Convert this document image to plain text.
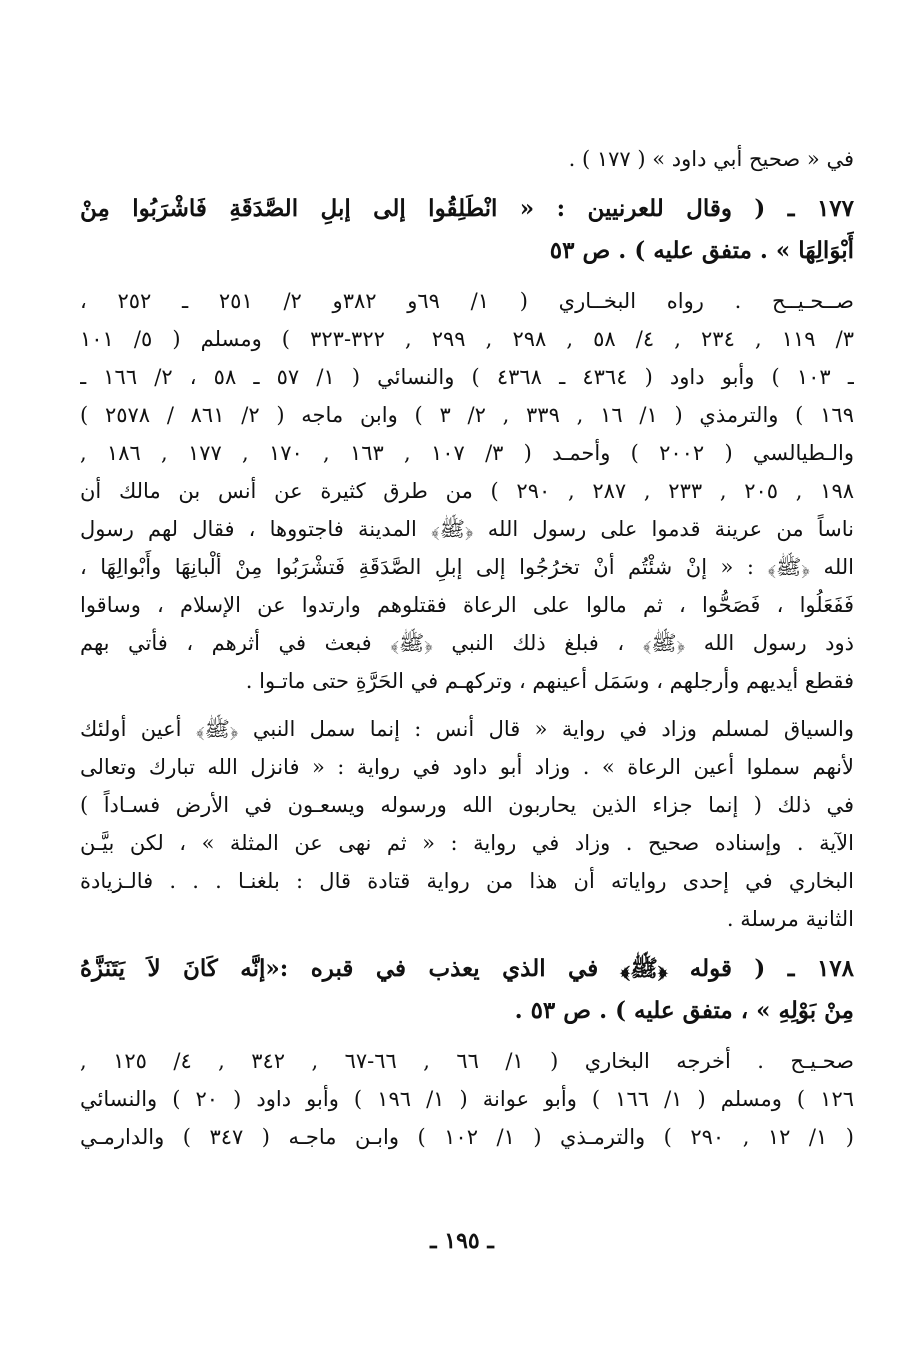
في « صحيح أبي داود » ( ١٧٧ ) .
١٧٧ ـ ( وقال للعرنيين : « انْطَلِقُوا إلى إبلِ الصَّدَقَةِ فَاشْرَبُوا مِنْ
أَبْوَالِهَا » . متفق عليه ) . ص ٥٣
صــحـيــح . رواه البخــاري ( ١/ ٦٩و ٣٨٢و ٢/ ٢٥١ ـ ٢٥٢ ،
٣/ ١١٩ , ٢٣٤ , ٤/ ٥٨ , ٢٩٨ , ٢٩٩ , ٣٢٢-٣٢٣ ) ومسلم ( ٥/ ١٠١
ـ ١٠٣ ) وأبو داود ( ٤٣٦٤ ـ ٤٣٦٨ ) والنسائي ( ١/ ٥٧ ـ ٥٨ ، ٢/ ١٦٦ ـ
١٦٩ ) والترمذي ( ١/ ١٦ , ٣٣٩ , ٢/ ٣ ) وابن ماجه ( ٢/ ٨٦١ / ٢٥٧٨ )
والـطيالسي ( ٢٠٠٢ ) وأحمـد ( ٣/ ١٠٧ , ١٦٣ , ١٧٠ , ١٧٧ , ١٨٦ ,
١٩٨ , ٢٠٥ , ٢٣٣ , ٢٨٧ , ٢٩٠ ) من طرق كثيرة عن أنس بن مالك أن
ناساً من عرينة قدموا على رسول الله ﴿ﷺ﴾ المدينة فاجتووها ، فقال لهم رسول
الله ﴿ﷺ﴾ : « إنْ شئْتُم أنْ تخرُجُوا إلى إبلِ الصَّدَقَةِ فَتشْرَبُوا مِنْ ألْبانِهَا وأَبْوالِهَا ،
فَفَعَلُوا ، فَصَحُّوا ، ثم مالوا على الرعاة فقتلوهم وارتدوا عن الإسلام ، وساقوا
ذود رسول الله ﴿ﷺ﴾ ، فبلغ ذلك النبي ﴿ﷺ﴾ فبعث في أثرهم ، فأتي بهم
فقطع أيديهم وأرجلهم ، وسَمَل أعينهم ، وتركهـم في الحَرَّةِ حتى ماتـوا .
والسياق لمسلم وزاد في رواية « قال أنس : إنما سمل النبي ﴿ﷺ﴾ أعين أولئك
لأنهم سملوا أعين الرعاة » . وزاد أبو داود في رواية : « فانزل الله تبارك وتعالى
في ذلك ( إنما جزاء الذين يحاربون الله ورسوله ويسعـون في الأرض فسـاداً )
الآية . وإسناده صحيح . وزاد في رواية : « ثم نهى عن المثلة » ، لكن بيَّـن
البخاري في إحدى رواياته أن هذا من رواية قتادة قال : بلغنـا . . . فالـزيادة
الثانية مرسلة .
١٧٨ ـ ( قوله ﴿ﷺ﴾ في الذي يعذب في قبره :«إنَّه كَانَ لاَ يَتَنَزَّهُ
مِنْ بَوْلِهِ » ، متفق عليه ) . ص ٥٣ .
صحـيـح . أخرجه البخاري ( ١/ ٦٦ , ٦٦-٦٧ , ٣٤٢ , ٤/ ١٢٥ ,
١٢٦ ) ومسلم ( ١/ ١٦٦ ) وأبو عوانة ( ١/ ١٩٦ ) وأبو داود ( ٢٠ ) والنسائي
( ١/ ١٢ , ٢٩٠ ) والترمـذي ( ١/ ١٠٢ ) وابـن ماجـه ( ٣٤٧ ) والدارمـي
ـ ١٩٥ ـ
